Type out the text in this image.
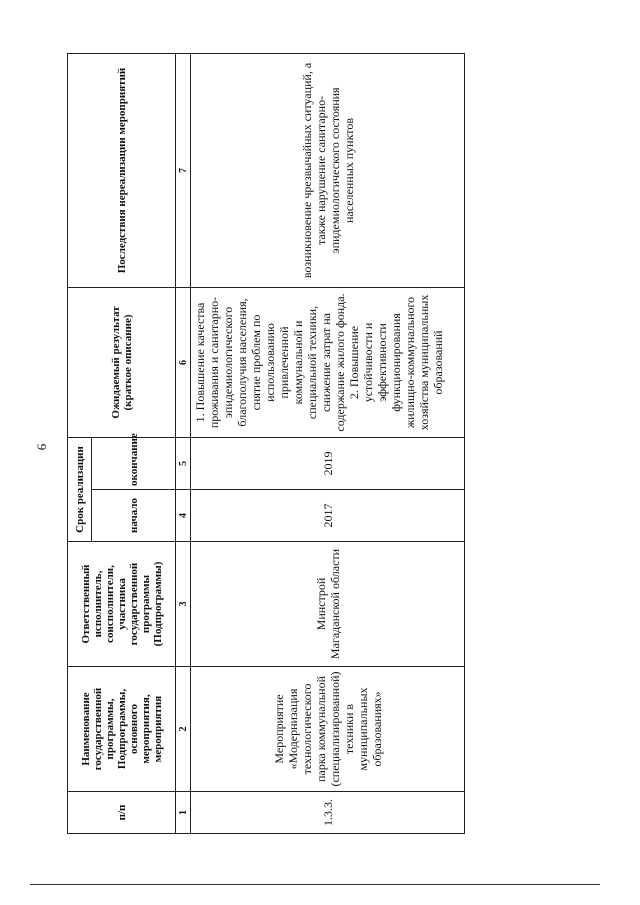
6
п/п	Наименование государственной программы, Подпрограммы, основного мероприятия, мероприятия	Ответственный исполнитель, соисполнители, участника государственной программы (Подпрограммы)	Срок реализации		Ожидаемый результат (краткое описание)	Последствия нереализации мероприятий
			начало	окончание		
1	2	3	4	5	6	7
1.3.3.	Мероприятие «Модернизация технологического парка коммунальной (специализированной) техники в муниципальных образованиях»	Минстрой Магаданской области	2017	2019	1. Повышение качества проживания и санитарно-эпидемиологического благополучия населения, снятие проблем по использованию привлеченной коммунальной и специальной техники, снижение затрат на содержание жилого фонда. 2. Повышение устойчивости и эффективности функционирования жилищно-коммунального хозяйства муниципальных образований	возникновение чрезвычайных ситуаций, а также нарушение санитарно-эпидемиологического состояния населенных пунктов
